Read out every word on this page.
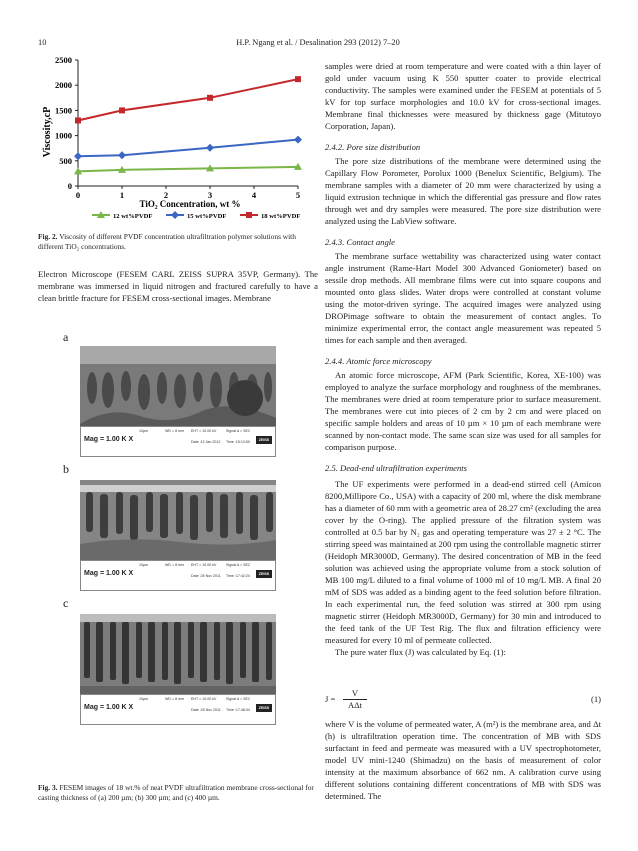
10	H.P. Ngang et al. / Desalination 293 (2012) 7–20
0
500
1000
1500
2000
2500
0	1	2	3	4	5
Viscosity,cP
TiO₂ Concentration, wt %
12 wt%PVDF	15 wt%PVDF	18 wt%PVDF
Fig. 2. Viscosity of different PVDF concentration ultrafiltration polymer solutions with different TiO₂ concentrations.
Electron Microscope (FESEM CARL ZEISS SUPRA 35VP, Germany). The membrane was immersed in liquid nitrogen and fractured carefully to have a clean brittle fracture for FESEM cross-sectional images. Membrane
a
Mag = 1.00 K X
10µm	WD = 8 mm EHT = 10.00 kV	Signal A = SE2
Date :12 Jan 2012 Time :15:13:50	ZEISS
b
Mag = 1.00 K X
10µm	WD = 8 mm EHT = 10.00 kV	Signal A = SE2
Date :25 Nov 2011 Time :17:42:24	ZEISS
c
Mag = 1.00 K X
10µm	WD = 8 mm EHT = 10.00 kV	Signal A = SE2
Date :25 Nov 2011 Time :17:48:34	ZEISS
Fig. 3. FESEM images of 18 wt.% of neat PVDF ultrafiltration membrane cross-sectional for casting thickness of (a) 200 µm; (b) 300 µm; and (c) 400 µm.
samples were dried at room temperature and were coated with a thin layer of gold under vacuum using K 550 sputter coater to provide electrical conductivity. The samples were examined under the FESEM at potentials of 5 kV for top surface morphologies and 10.0 kV for cross-sectional images. Membrane final thicknesses were measured by thickness gage (Mitutoyo Corporation, Japan).
2.4.2. Pore size distribution
The pore size distributions of the membrane were determined using the Capillary Flow Porometer, Porolux 1000 (Benelux Scientific, Belgium). The membrane samples with a diameter of 20 mm were characterized by using a liquid extrusion technique in which the differential gas pressure and flow rates through wet and dry samples were measured. The pore size distribution were analyzed using the LabView software.
2.4.3. Contact angle
The membrane surface wettability was characterized using water contact angle instrument (Rame-Hart Model 300 Advanced Goniometer) based on sessile drop methods. All membrane films were cut into square coupons and mounted onto glass slides. Water drops were controlled at constant volume using the motor-driven syringe. The acquired images were analyzed using DROPimage software to obtain the measurement of contact angles. To minimize experimental error, the contact angle measurement was repeated 5 times for each sample and then averaged.
2.4.4. Atomic force microscopy
An atomic force microscope, AFM (Park Scientific, Korea, XE-100) was employed to analyze the surface morphology and roughness of the membranes. The membranes were dried at room temperature prior to surface measurement. The membranes were cut into pieces of 2 cm by 2 cm and were placed on specific sample holders and areas of 10 µm × 10 µm of each membrane were scanned by non-contact mode. The same scan size was used for all samples for comparison purpose.
2.5. Dead-end ultrafiltration experiments
The UF experiments were performed in a dead-end stirred cell (Amicon 8200,Millipore Co., USA) with a capacity of 200 ml, where the disk membrane has a diameter of 60 mm with a geometric area of 28.27 cm² (excluding the area cover by the O-ring). The applied pressure of the filtration system was controlled at 0.5 bar by N₂ gas and operating temperature was 27 ± 2 °C. The stirring speed was maintained at 200 rpm using the controllable magnetic stirrer (Heidoph MR3000D, Germany). The desired concentration of MB in the feed solution was achieved using the appropriate volume from a stock solution of MB 100 mg/L diluted to a final volume of 1000 ml of 10 mg/L MB. A final 20 mM of SDS was added as a binding agent to the feed solution before filtration. In each experimental run, the feed solution was stirred at 300 rpm using magnetic stirrer (Heidoph MR3000D, Germany) for 30 min and introduced to the feed tank of the UF Test Rig. The flux and filtration efficiency were measured for every 10 ml of permeate collected.
The pure water flux (J) was calculated by Eq. (1):
J =
V
AΔt
(1)
where V is the volume of permeated water, A (m²) is the membrane area, and Δt (h) is ultrafiltration operation time. The concentration of MB with SDS surfactant in feed and permeate was measured with a UV spectrophotometer, model UV mini-1240 (Shimadzu) on the basis of measurement of color intensity at the maximum absorbance of 662 nm. A calibration curve using different solutions containing different concentrations of MB with SDS was determined. The
